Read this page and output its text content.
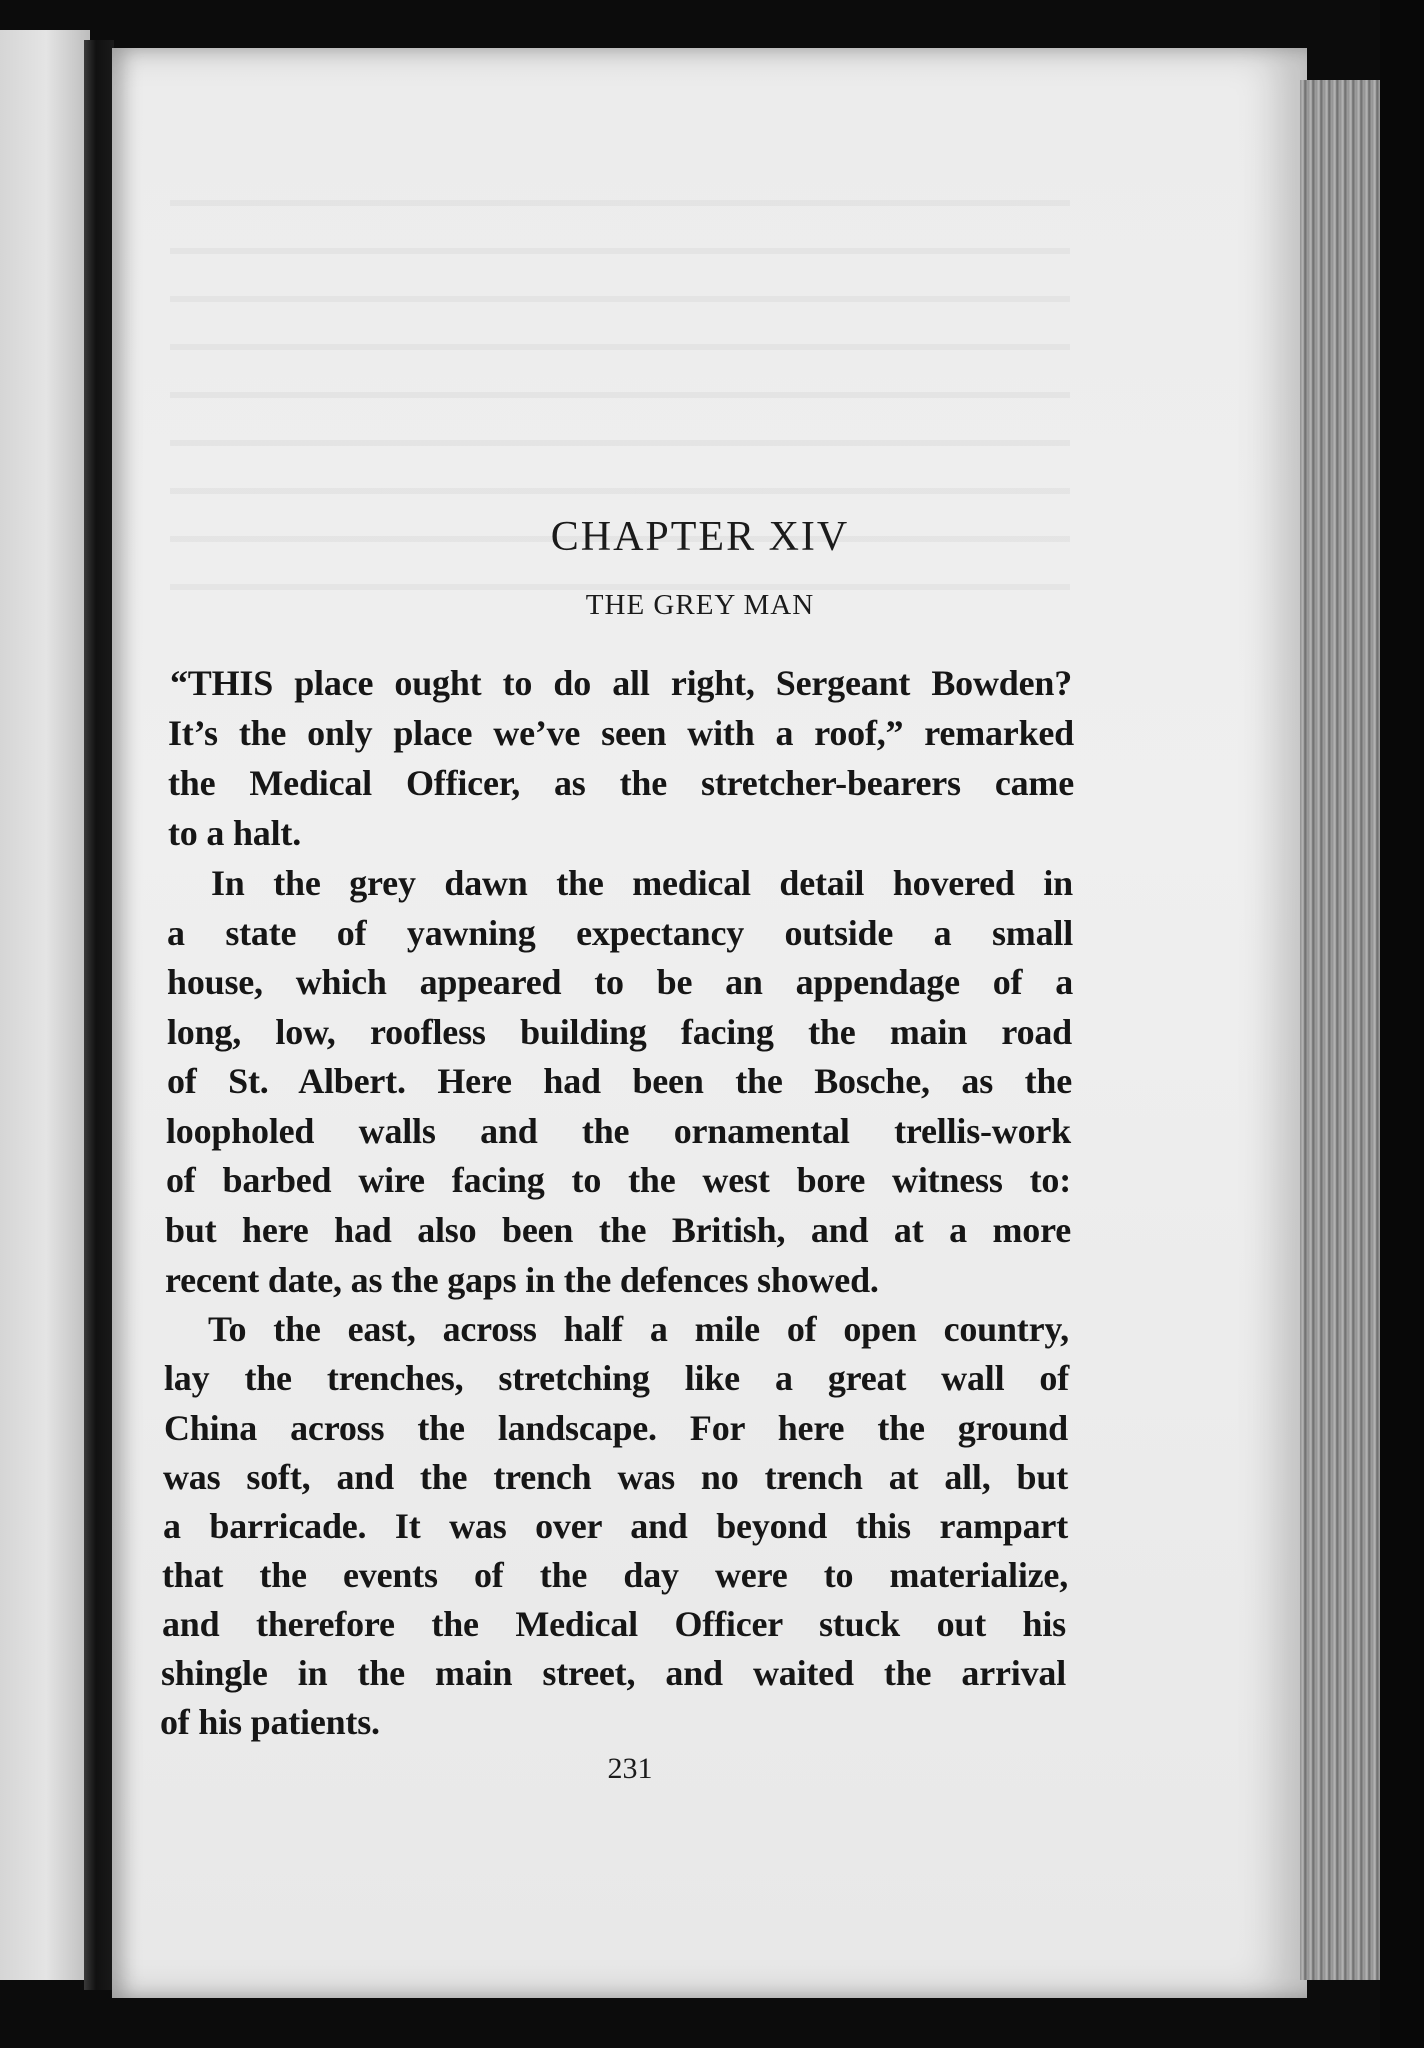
CHAPTER XIV
THE GREY MAN
“THIS place ought to do all right, Sergeant Bowden?
It’s the only place we’ve seen with a roof,” remarked
the Medical Officer, as the stretcher-bearers came
to a halt.
In the grey dawn the medical detail hovered in
a state of yawning expectancy outside a small
house, which appeared to be an appendage of a
long, low, roofless building facing the main road
of St. Albert. Here had been the Bosche, as the
loopholed walls and the ornamental trellis-work
of barbed wire facing to the west bore witness to:
but here had also been the British, and at a more
recent date, as the gaps in the defences showed.
To the east, across half a mile of open country,
lay the trenches, stretching like a great wall of
China across the landscape. For here the ground
was soft, and the trench was no trench at all, but
a barricade. It was over and beyond this rampart
that the events of the day were to materialize,
and therefore the Medical Officer stuck out his
shingle in the main street, and waited the arrival
of his patients.
231
